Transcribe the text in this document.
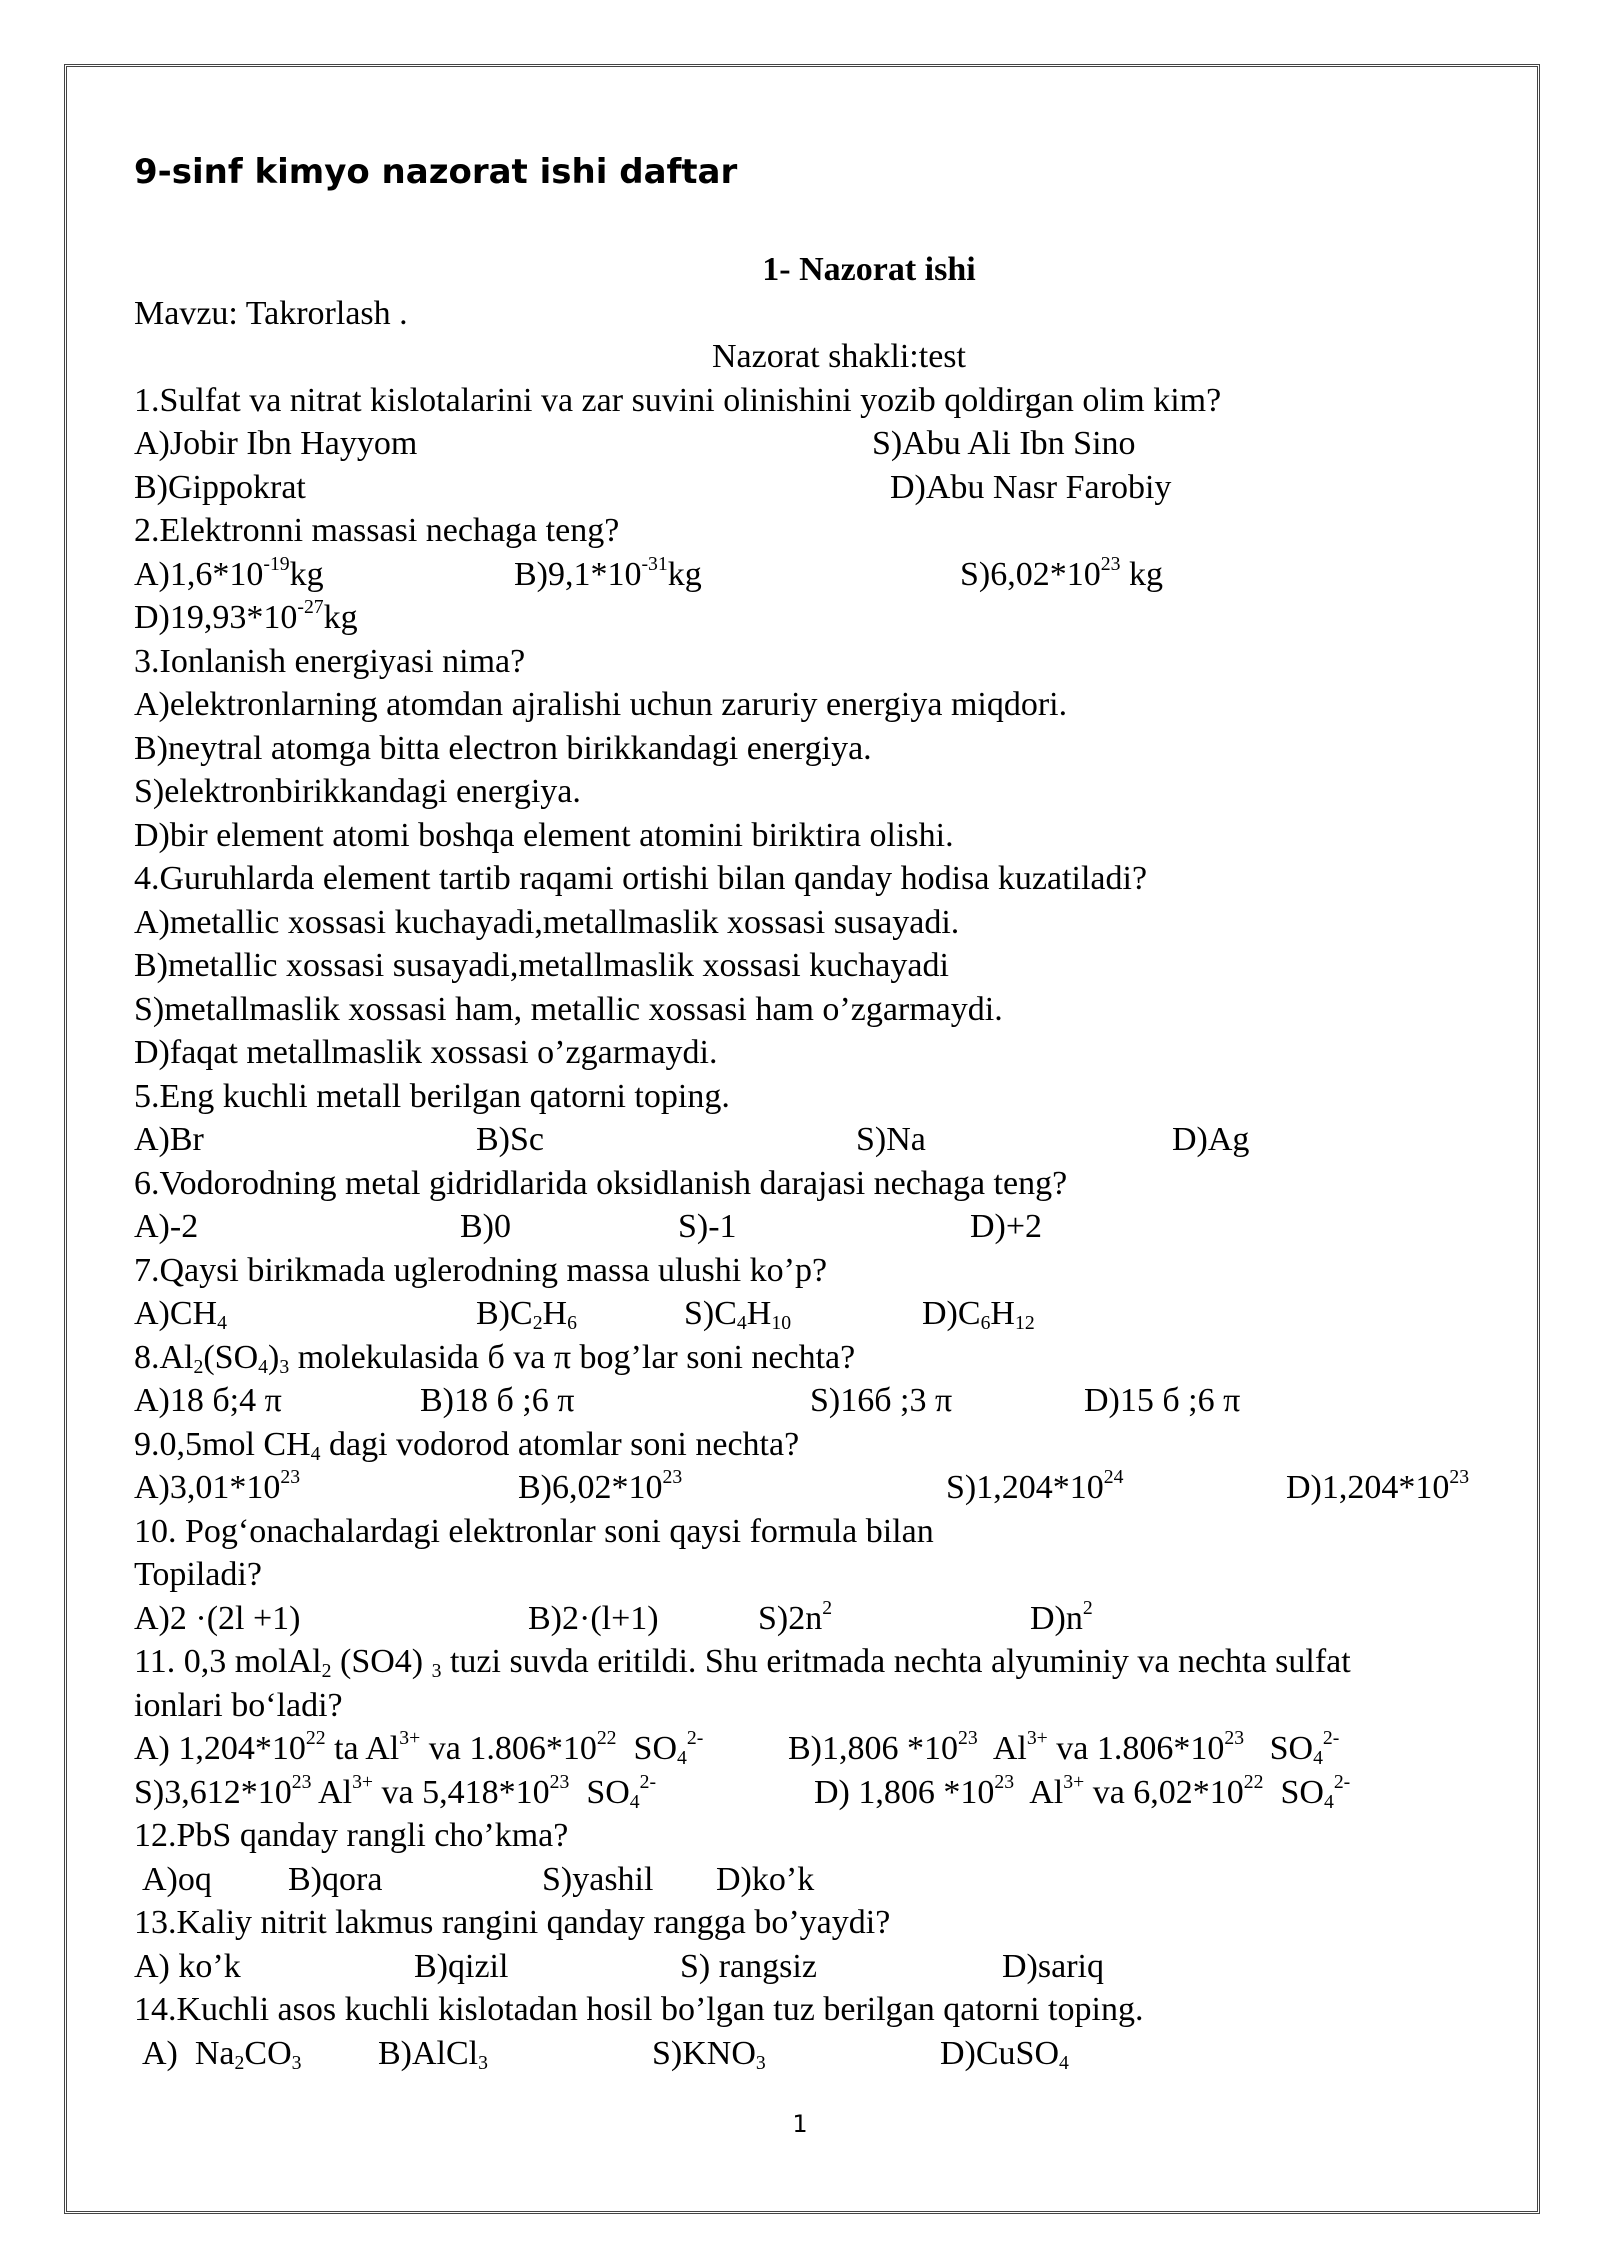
9-sinf kimyo nazorat ishi daftar
1- Nazorat ishi
Mavzu: Takrorlash .
Nazorat shakli:test
1.Sulfat va nitrat kislotalarini va zar suvini olinishini yozib qoldirgan olim kim?
A)Jobir Ibn Hayyom	S)Abu Ali Ibn Sino
B)Gippokrat	D)Abu Nasr Farobiy
2.Elektronni massasi nechaga teng?
$A)1,6*10^{-19}kg$	$B)9,1*10^{-31}kg$	$S)6,02*10^{23}$ kg
$D)19,93*10^{-27}kg$
3.Ionlanish energiyasi nima?
A)elektronlarning atomdan ajralishi uchun zaruriy energiya miqdori.
B)neytral atomga bitta electron birikkandagi energiya.
S)elektronbirikkandagi energiya.
D)bir element atomi boshqa element atomini biriktira olishi.
4.Guruhlarda element tartib raqami ortishi bilan qanday hodisa kuzatiladi?
A)metallic xossasi kuchayadi,metallmaslik xossasi susayadi.
B)metallic xossasi susayadi,metallmaslik xossasi kuchayadi
S)metallmaslik xossasi ham, metallic xossasi ham o’zgarmaydi.
D)faqat metallmaslik xossasi o’zgarmaydi.
5.Eng kuchli metall berilgan qatorni toping.
A)Br	B)Sc	S)Na	D)Ag
6.Vodorodning metal gidridlarida oksidlanish darajasi nechaga teng?
A)-2	B)0	S)-1	D)+2
7.Qaysi birikmada uglerodning massa ulushi ko’p?
$A)CH_4$	$B)C_2H_6$	$S)C_4H_{10}$	$D)C_6H_{12}$
$8.Al_2(SO_4)_3$ molekulasida б va π bog’lar soni nechta?
A)18 б;4 π	B)18 б ;6 π	S)16б ;3 π	D)15 б ;6 π
9.0,5mol $CH_4$ dagi vodorod atomlar soni nechta?
$A)3,01*10^{23}$	$B)6,02*10^{23}$	$S)1,204*10^{24}$	$D)1,204*10^{23}$
10. Pog‘onachalardagi elektronlar soni qaysi formula bilan
Topiladi?
A)2 ·(2l +1)	B)2·(l+1)	$S)2n^2$	$D)n^2$
11. 0,3 molAl$_2$ (SO4) $_3$ tuzi suvda eritildi. Shu eritmada nechta alyuminiy va nechta sulfat
ionlari bo‘ladi?
A) $1,204*10^{22}$ ta $Al^{3+}$ va $1.806*10^{22}$  $SO_4^{2-}$ B)1,806 $*10^{23}$  $Al^{3+}$ va $1.806*10^{23}$   $SO_4^{2-}$
$S)3,612*10^{23}$ $Al^{3+}$ va $5,418*10^{23}$  $SO_4^{2-}$	D) 1,806 $*10^{23}$  $Al^{3+}$ va $6,02*10^{22}$  $SO_4^{2-}$
12.PbS qanday rangli cho’kma?
A)oq B)qora	S)yashil D)ko’k
13.Kaliy nitrit lakmus rangini qanday rangga bo’yaydi?
A) ko’k	B)qizil	S) rangsiz	D)sariq
14.Kuchli asos kuchli kislotadan hosil bo’lgan tuz berilgan qatorni toping.
A)  $Na_2CO_3$ B)AlCl$_3$	$S)KNO_3$	D)CuSO$_4$
1
